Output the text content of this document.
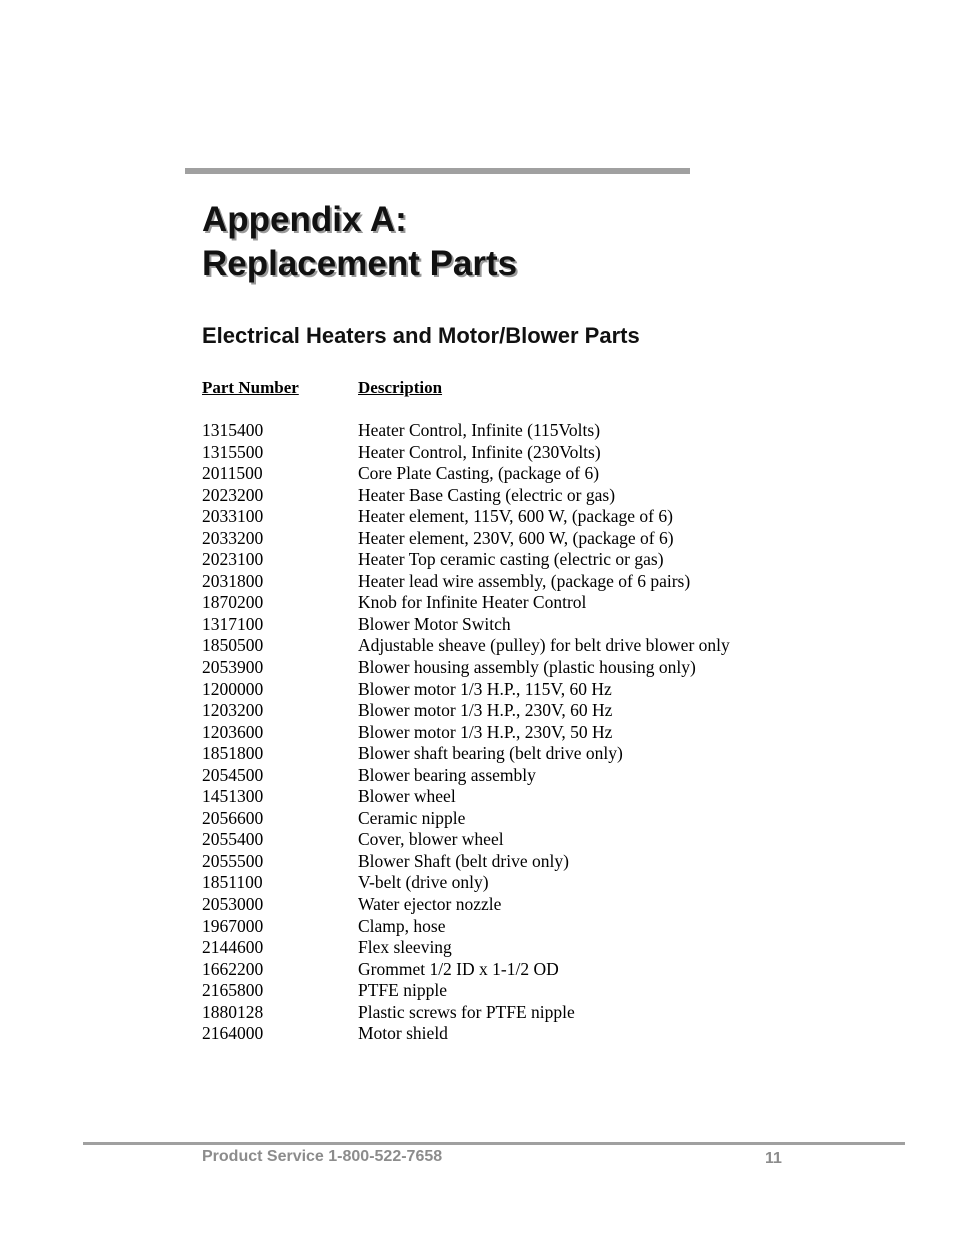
Appendix A:
Replacement Parts
Electrical Heaters and Motor/Blower Parts
Part Number	Description
1315400	Heater Control, Infinite (115Volts)
1315500	Heater Control, Infinite (230Volts)
2011500	Core Plate Casting, (package of 6)
2023200	Heater Base Casting (electric or gas)
2033100	Heater element, 115V, 600 W, (package of 6)
2033200	Heater element, 230V, 600 W, (package of 6)
2023100	Heater Top ceramic casting (electric or gas)
2031800	Heater lead wire assembly, (package of 6 pairs)
1870200	Knob for Infinite Heater Control
1317100	Blower Motor Switch
1850500	Adjustable sheave (pulley) for belt drive blower only
2053900	Blower housing assembly (plastic housing only)
1200000	Blower motor 1/3 H.P., 115V, 60 Hz
1203200	Blower motor 1/3 H.P., 230V, 60 Hz
1203600	Blower motor 1/3 H.P., 230V, 50 Hz
1851800	Blower shaft bearing (belt drive only)
2054500	Blower bearing assembly
1451300	Blower wheel
2056600	Ceramic nipple
2055400	Cover, blower wheel
2055500	Blower Shaft (belt drive only)
1851100	V-belt (drive only)
2053000	Water ejector nozzle
1967000	Clamp, hose
2144600	Flex sleeving
1662200	Grommet 1/2 ID x 1-1/2 OD
2165800	PTFE nipple
1880128	Plastic screws for PTFE nipple
2164000	Motor shield
Product Service 1-800-522-7658	11
